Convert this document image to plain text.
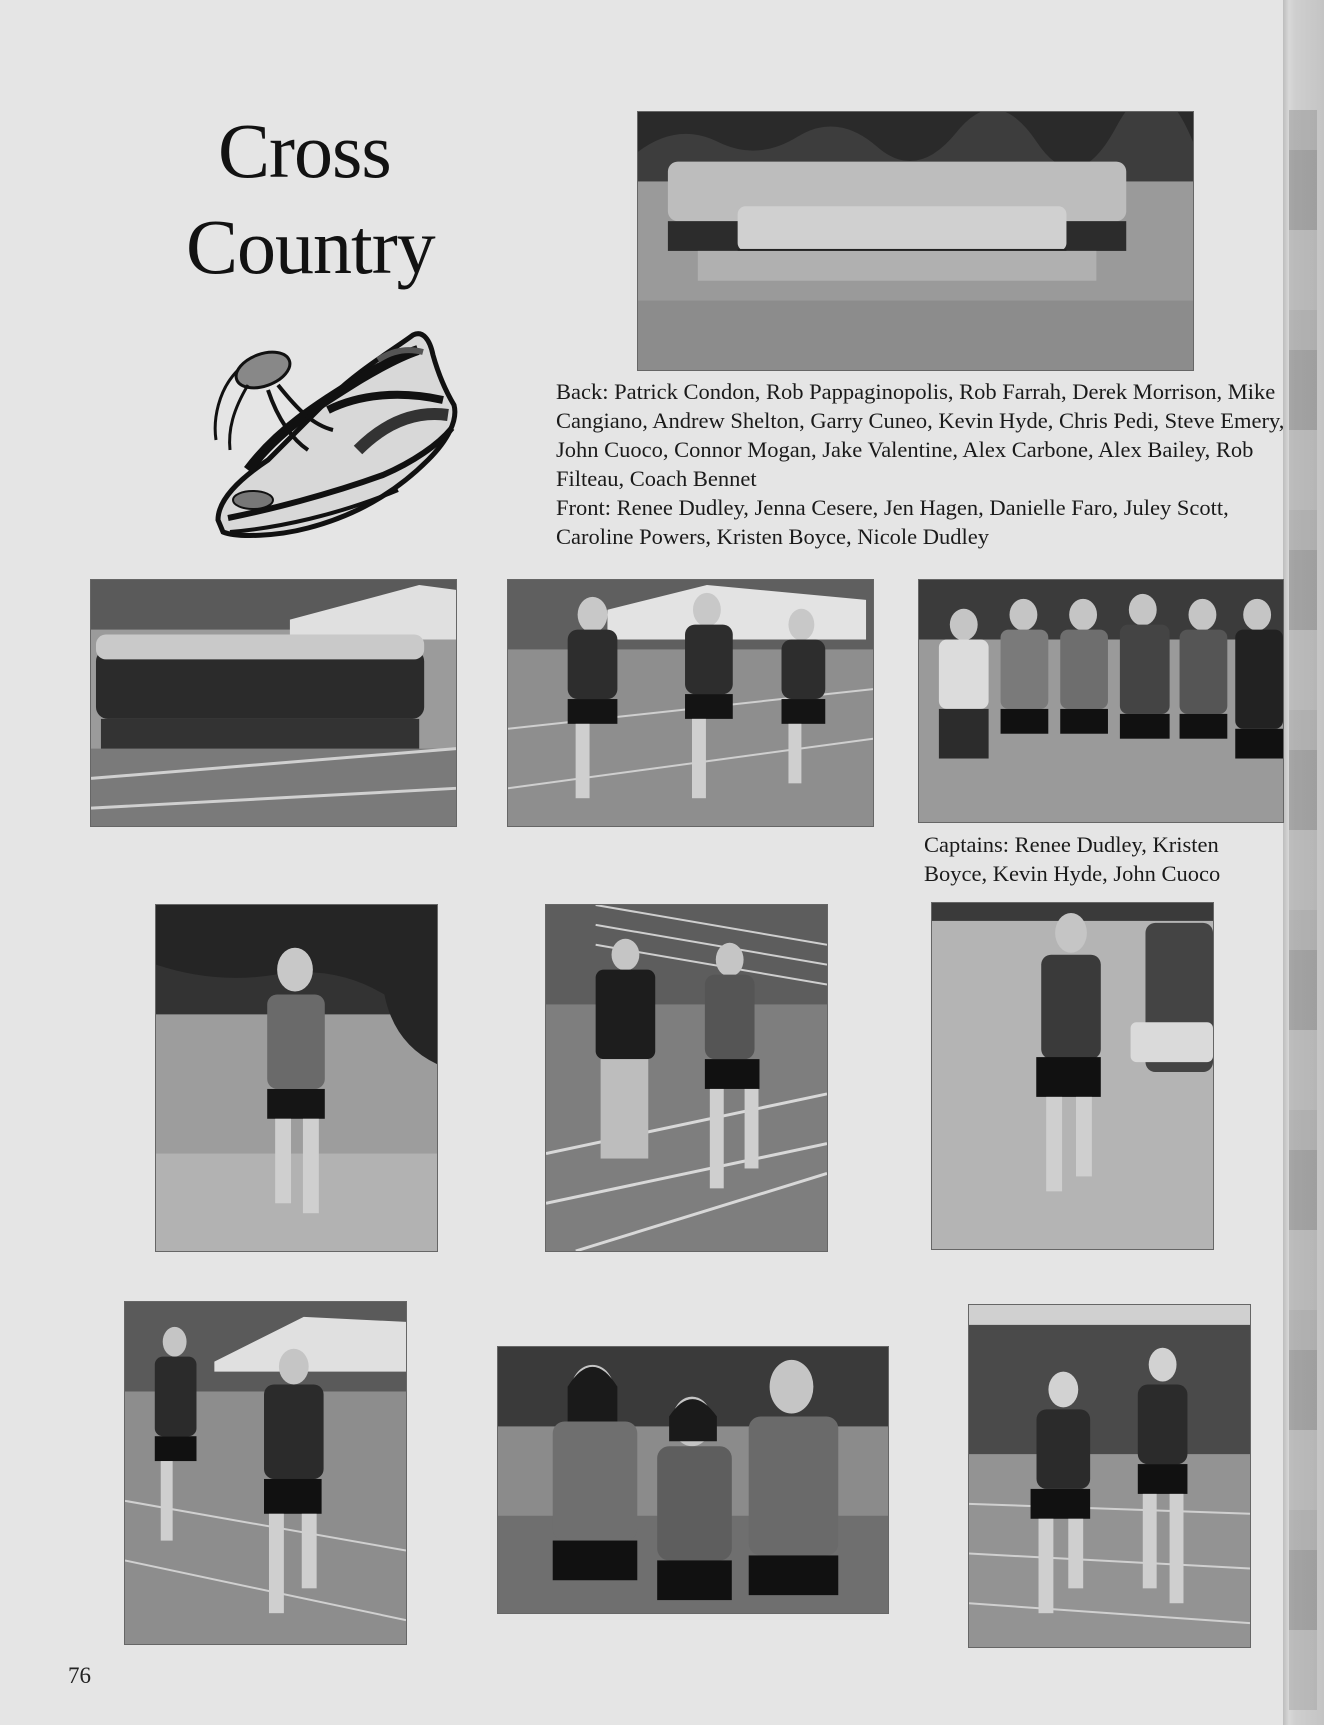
Cross
Country

Back: Patrick Condon, Rob Pappaginopolis, Rob Farrah, Derek Morrison, Mike Cangiano, Andrew Shelton, Garry Cuneo, Kevin Hyde, Chris Pedi, Steve Emery, John Cuoco, Connor Mogan, Jake Valentine, Alex Carbone, Alex Bailey, Rob Filteau, Coach Bennet

Front: Renee Dudley, Jenna Cesere, Jen Hagen, Danielle Faro, Juley Scott, Caroline Powers, Kristen Boyce, Nicole Dudley

Captains: Renee Dudley, Kristen Boyce, Kevin Hyde, John Cuoco
76
